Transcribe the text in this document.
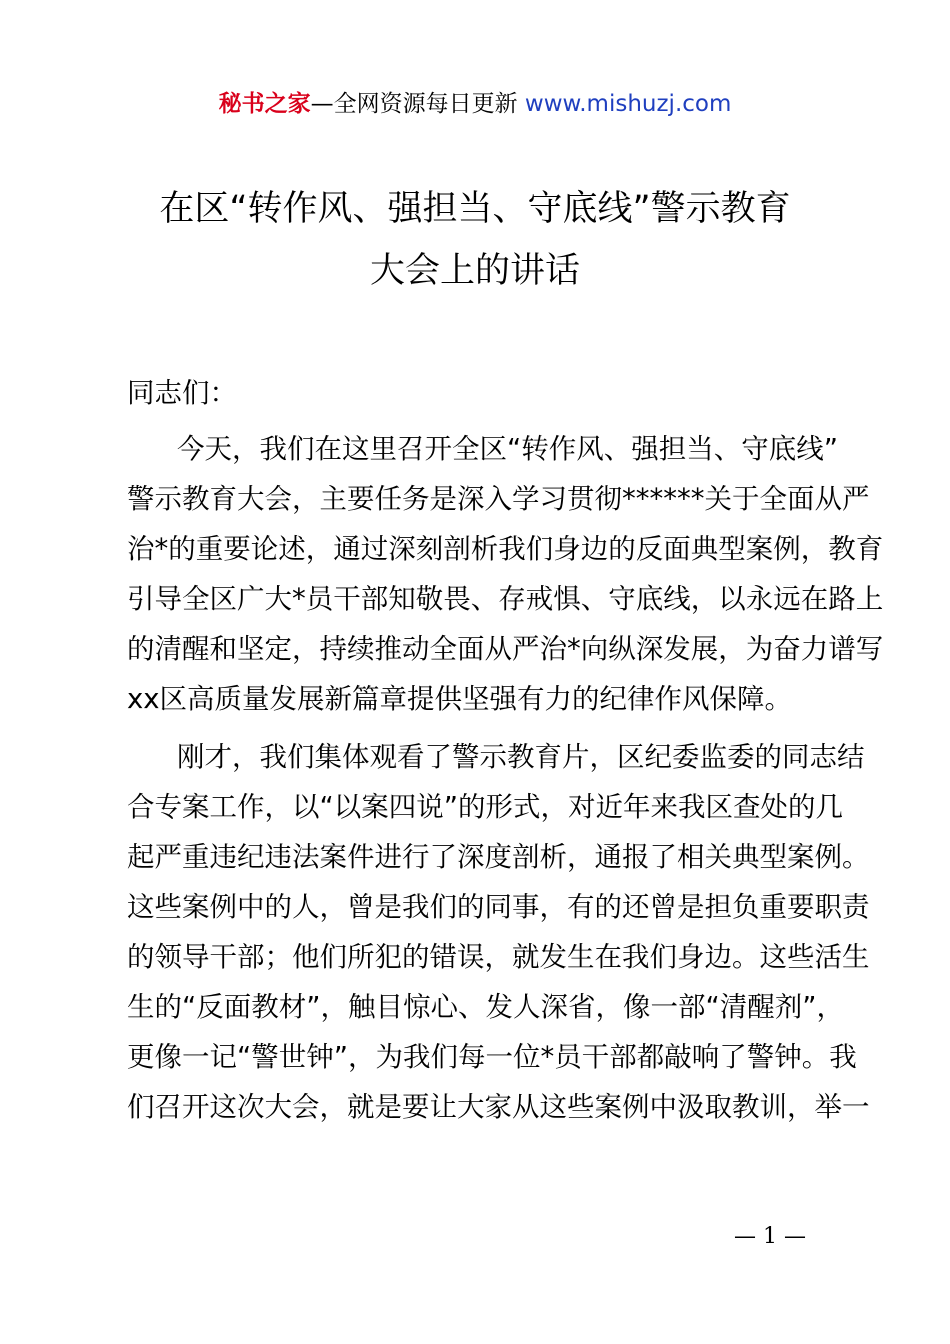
秘书之家—全网资源每日更新 www.mishuzj.com
在区“转作风、强担当、守底线”警示教育
大会上的讲话
同志们：
今天，我们在这里召开全区“转作风、强担当、守底线”
警示教育大会，主要任务是深入学习贯彻******关于全面从严
治*的重要论述，通过深刻剖析我们身边的反面典型案例，教育
引导全区广大*员干部知敬畏、存戒惧、守底线，以永远在路上
的清醒和坚定，持续推动全面从严治*向纵深发展，为奋力谱写
xx区高质量发展新篇章提供坚强有力的纪律作风保障。
刚才，我们集体观看了警示教育片，区纪委监委的同志结
合专案工作，以“以案四说”的形式，对近年来我区查处的几
起严重违纪违法案件进行了深度剖析，通报了相关典型案例。
这些案例中的人，曾是我们的同事，有的还曾是担负重要职责
的领导干部；他们所犯的错误，就发生在我们身边。这些活生
生的“反面教材”，触目惊心、发人深省，像一部“清醒剂”，
更像一记“警世钟”，为我们每一位*员干部都敲响了警钟。我
们召开这次大会，就是要让大家从这些案例中汲取教训，举一
— 1 —
